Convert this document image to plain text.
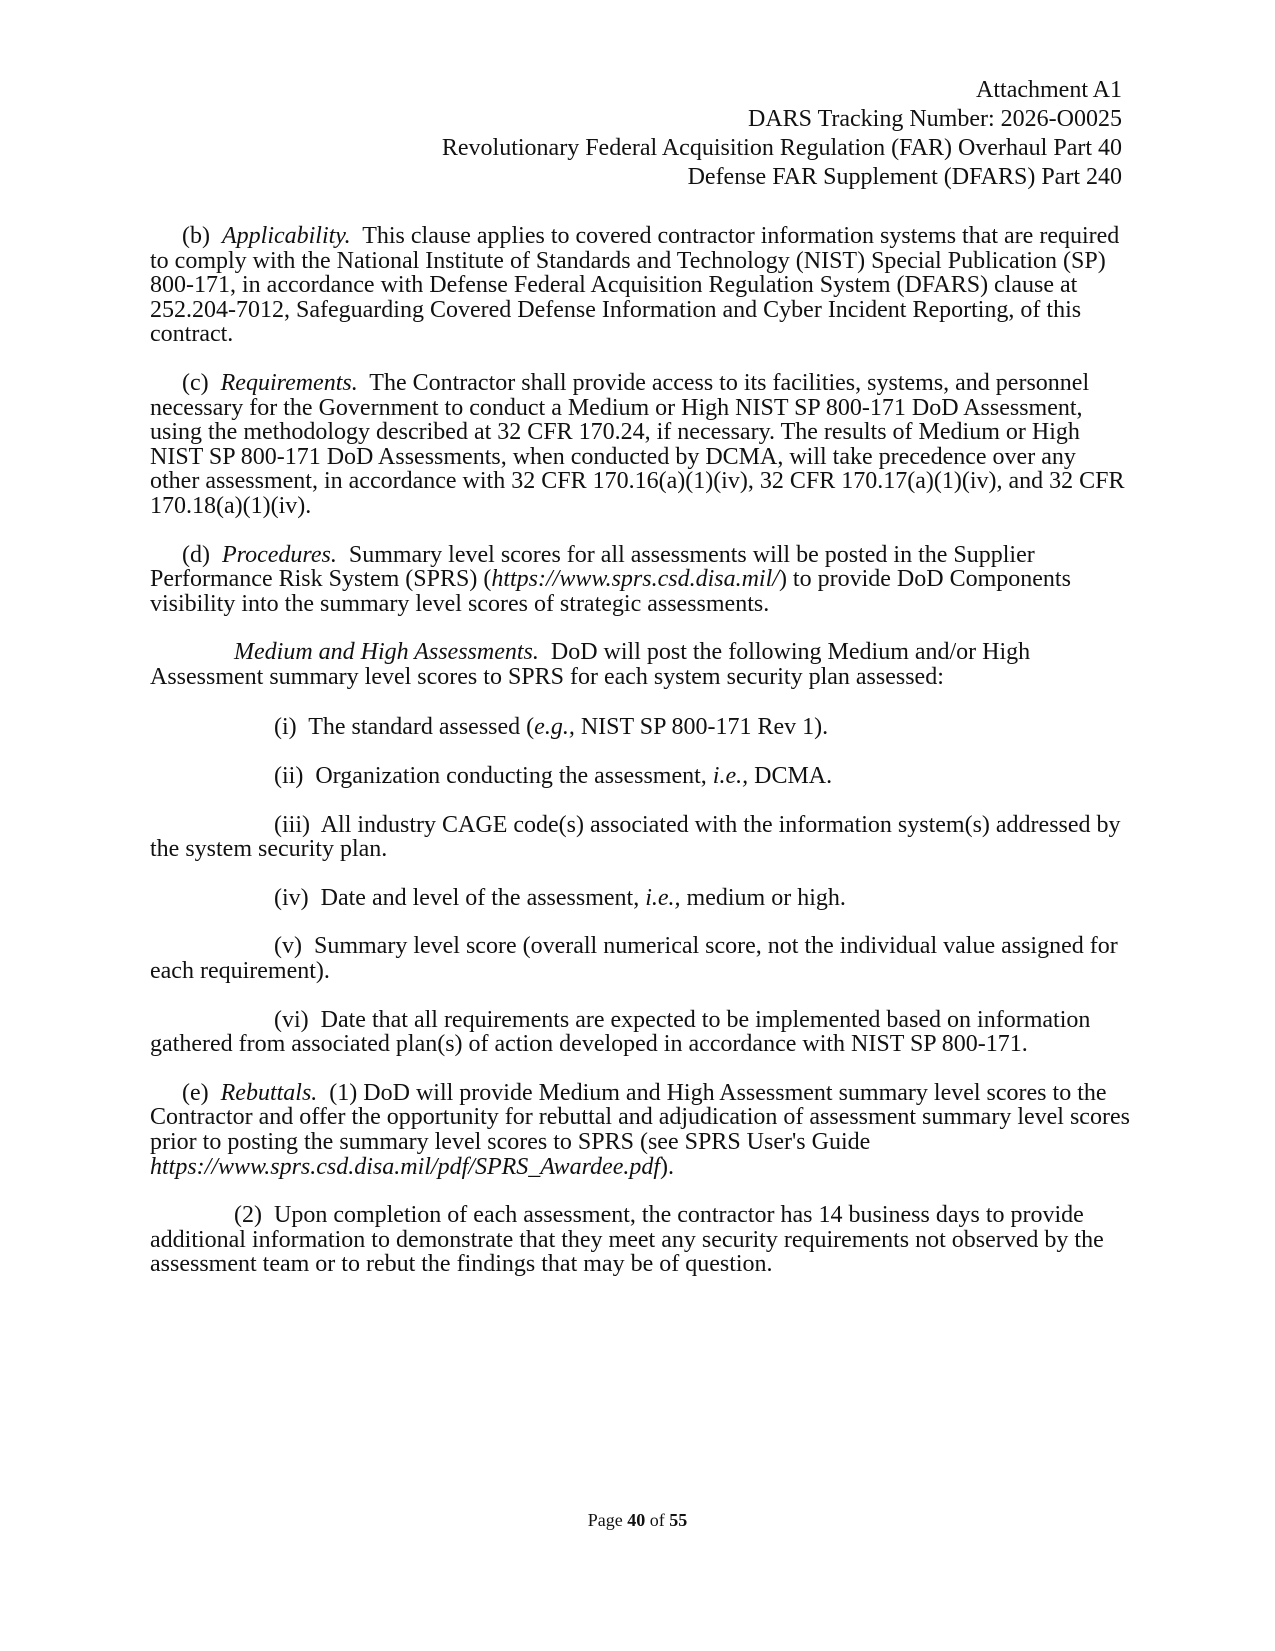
Attachment A1
DARS Tracking Number: 2026-O0025
Revolutionary Federal Acquisition Regulation (FAR) Overhaul Part 40
Defense FAR Supplement (DFARS) Part 240

(b) Applicability. This clause applies to covered contractor information systems that are required to comply with the National Institute of Standards and Technology (NIST) Special Publication (SP) 800-171, in accordance with Defense Federal Acquisition Regulation System (DFARS) clause at 252.204-7012, Safeguarding Covered Defense Information and Cyber Incident Reporting, of this contract.

(c) Requirements. The Contractor shall provide access to its facilities, systems, and personnel necessary for the Government to conduct a Medium or High NIST SP 800-171 DoD Assessment, using the methodology described at 32 CFR 170.24, if necessary. The results of Medium or High NIST SP 800-171 DoD Assessments, when conducted by DCMA, will take precedence over any other assessment, in accordance with 32 CFR 170.16(a)(1)(iv), 32 CFR 170.17(a)(1)(iv), and 32 CFR 170.18(a)(1)(iv).

(d) Procedures. Summary level scores for all assessments will be posted in the Supplier Performance Risk System (SPRS) (https://www.sprs.csd.disa.mil/) to provide DoD Components visibility into the summary level scores of strategic assessments.

Medium and High Assessments. DoD will post the following Medium and/or High Assessment summary level scores to SPRS for each system security plan assessed:

(i) The standard assessed (e.g., NIST SP 800-171 Rev 1).

(ii) Organization conducting the assessment, i.e., DCMA.

(iii) All industry CAGE code(s) associated with the information system(s) addressed by the system security plan.

(iv) Date and level of the assessment, i.e., medium or high.

(v) Summary level score (overall numerical score, not the individual value assigned for each requirement).

(vi) Date that all requirements are expected to be implemented based on information gathered from associated plan(s) of action developed in accordance with NIST SP 800-171.

(e) Rebuttals. (1) DoD will provide Medium and High Assessment summary level scores to the Contractor and offer the opportunity for rebuttal and adjudication of assessment summary level scores prior to posting the summary level scores to SPRS (see SPRS User's Guide https://www.sprs.csd.disa.mil/pdf/SPRS_Awardee.pdf).

(2) Upon completion of each assessment, the contractor has 14 business days to provide additional information to demonstrate that they meet any security requirements not observed by the assessment team or to rebut the findings that may be of question.

Page 40 of 55
